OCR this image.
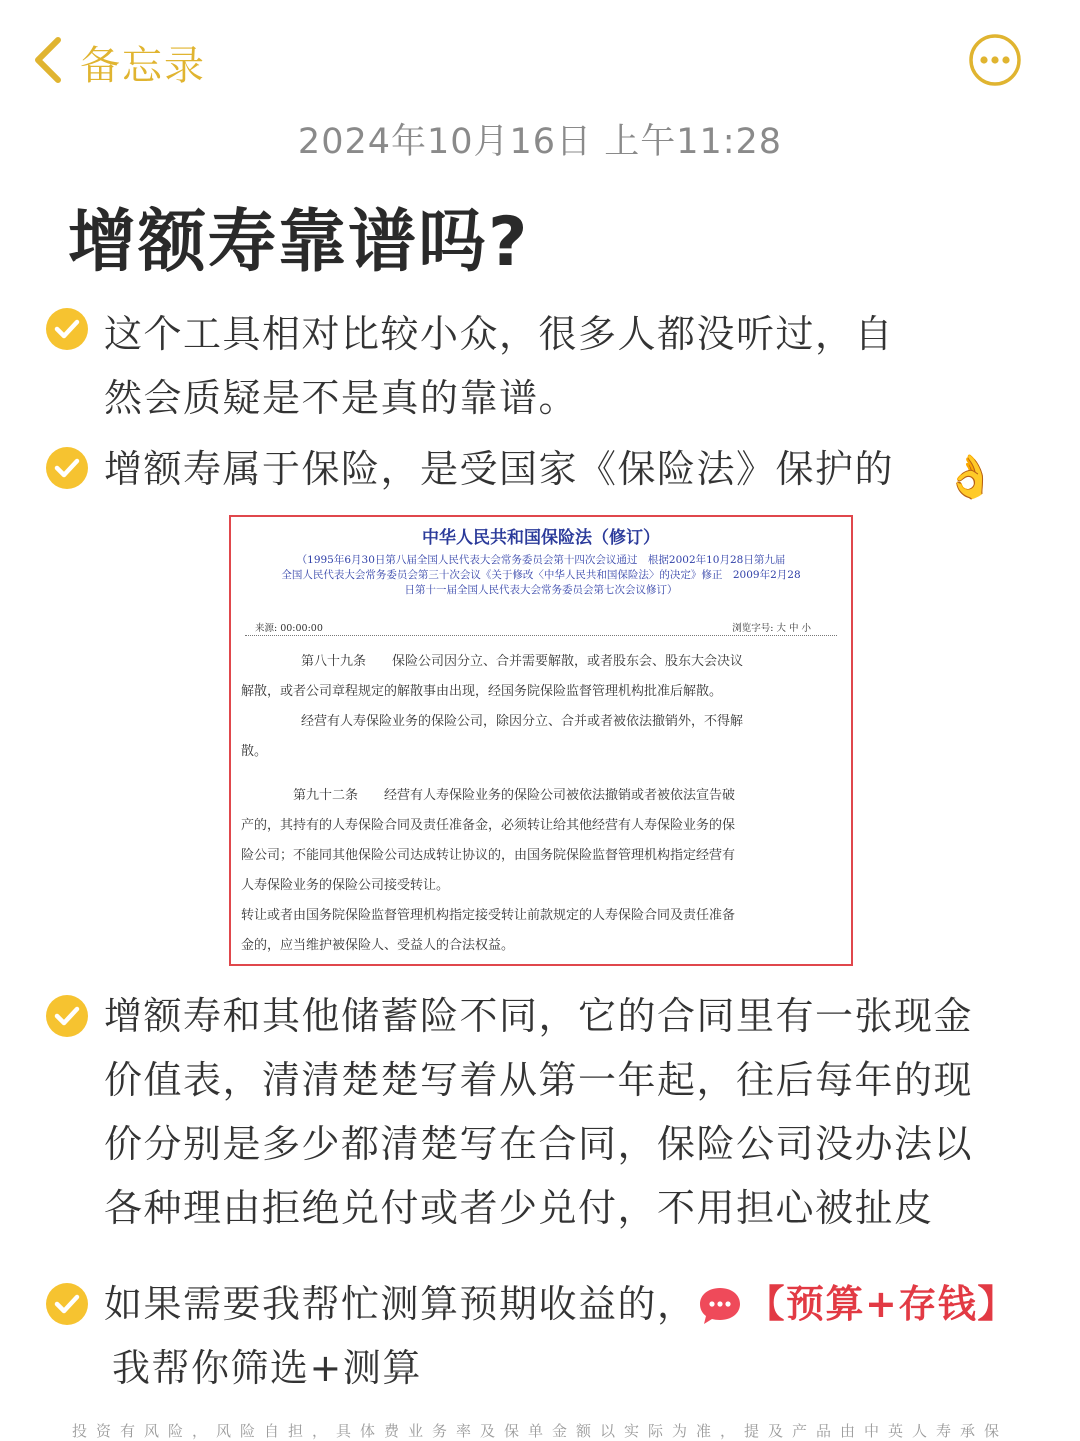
备忘录
2024年10月16日 上午11:28
增额寿靠谱吗?
这个工具相对比较小众，很多人都没听过，自
然会质疑是不是真的靠谱。
增额寿属于保险，是受国家《保险法》保护的 👌
中华人民共和国保险法（修订）
（1995年6月30日第八届全国人民代表大会常务委员会第十四次会议通过　根据2002年10月28日第九届
全国人民代表大会常务委员会第三十次会议《关于修改〈中华人民共和国保险法〉的决定》修正　2009年2月28
日第十一届全国人民代表大会常务委员会第七次会议修订）
来源: 00:00:00	浏览字号: 大 中 小
第八十九条　　保险公司因分立、合并需要解散，或者股东会、股东大会决议
解散，或者公司章程规定的解散事由出现，经国务院保险监督管理机构批准后解散。
经营有人寿保险业务的保险公司，除因分立、合并或者被依法撤销外，不得解
散。
第九十二条　　经营有人寿保险业务的保险公司被依法撤销或者被依法宣告破
产的，其持有的人寿保险合同及责任准备金，必须转让给其他经营有人寿保险业务的保
险公司；不能同其他保险公司达成转让协议的，由国务院保险监督管理机构指定经营有
人寿保险业务的保险公司接受转让。
转让或者由国务院保险监督管理机构指定接受转让前款规定的人寿保险合同及责任准备
金的，应当维护被保险人、受益人的合法权益。
增额寿和其他储蓄险不同，它的合同里有一张现金
价值表，清清楚楚写着从第一年起，往后每年的现
价分别是多少都清楚写在合同，保险公司没办法以
各种理由拒绝兑付或者少兑付，不用担心被扯皮
如果需要我帮忙测算预期收益的， 【预算+存钱】
我帮你筛选+测算
投资有风险，风险自担，具体费业务率及保单金额以实际为准，提及产品由中英人寿承保
